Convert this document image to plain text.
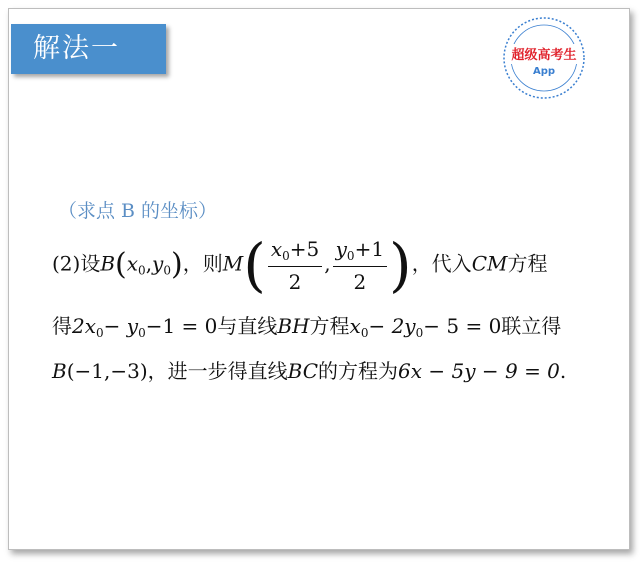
解法一	超级高考生
App
（求点 B 的坐标）
(2)设$B(x_0,y_0)$，则$M( \frac{x_0+5}{2}$ , $\frac{y_0+1}{2}$ )，代入CM方程
得$2x_0- y_0-1 = 0$与直线BH方程$x_0- 2y_0- 5 = 0$联立得
B(−1,−3)，进一步得直线BC的方程为6x − 5y − 9 = 0.
